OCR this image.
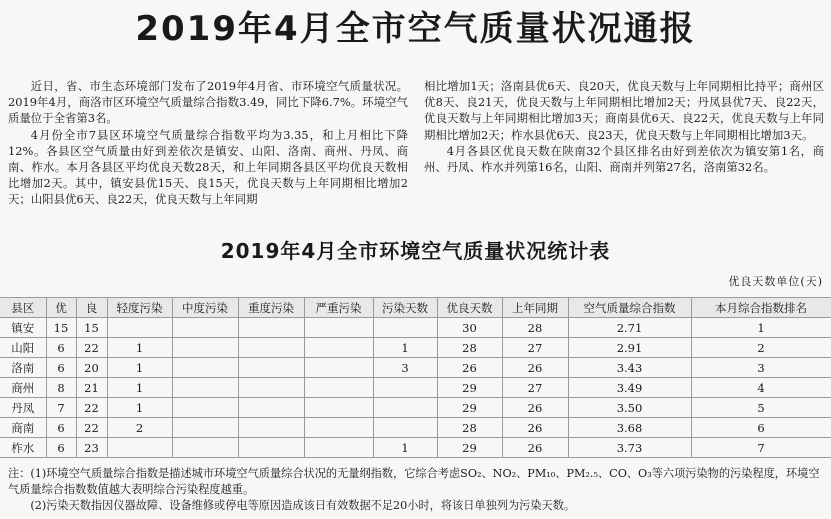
2019年4月全市空气质量状况通报

近日，省、市生态环境部门发布了2019年4月省、市环境空气质量状况。2019年4月，商洛市区环境空气质量综合指数3.49，同比下降6.7%。环境空气质量位于全省第3名。

4月份全市7县区环境空气质量综合指数平均为3.35，和上月相比下降12%。各县区空气质量由好到差依次是镇安、山阳、洛南、商州、丹凤、商南、柞水。本月各县区平均优良天数28天，和上年同期各县区平均优良天数相比增加2天。其中，镇安县优15天、良15天，优良天数与上年同期相比增加2天；山阳县优6天、良22天，优良天数与上年同期

相比增加1天；洛南县优6天、良20天，优良天数与上年同期相比持平；商州区优8天、良21天，优良天数与上年同期相比增加2天；丹凤县优7天、良22天，优良天数与上年同期相比增加3天；商南县优6天、良22天，优良天数与上年同期相比增加2天；柞水县优6天、良23天，优良天数与上年同期相比增加3天。

4月各县区优良天数在陕南32个县区排名由好到差依次为镇安第1名，商州、丹凤、柞水并列第16名，山阳、商南并列第27名，洛南第32名。

2019年4月全市环境空气质量状况统计表
优良天数单位(天)
县区	优	良	轻度污染	中度污染	重度污染	严重污染	污染天数	优良天数	上年同期	空气质量综合指数	本月综合指数排名
镇安	15	15						30	28	2.71	1
山阳	6	22	1				1	28	27	2.91	2
洛南	6	20	1				3	26	26	3.43	3
商州	8	21	1					29	27	3.49	4
丹凤	7	22	1					29	26	3.50	5
商南	6	22	2					28	26	3.68	6
柞水	6	23					1	29	26	3.73	7

注：(1)环境空气质量综合指数是描述城市环境空气质量综合状况的无量纲指数，它综合考虑SO₂、NO₂、PM₁₀、PM₂.₅、CO、O₃等六项污染物的污染程度，环境空气质量综合指数数值越大表明综合污染程度越重。

(2)污染天数指因仪器故障、设备维修或停电等原因造成该日有效数据不足20小时，将该日单独列为污染天数。
